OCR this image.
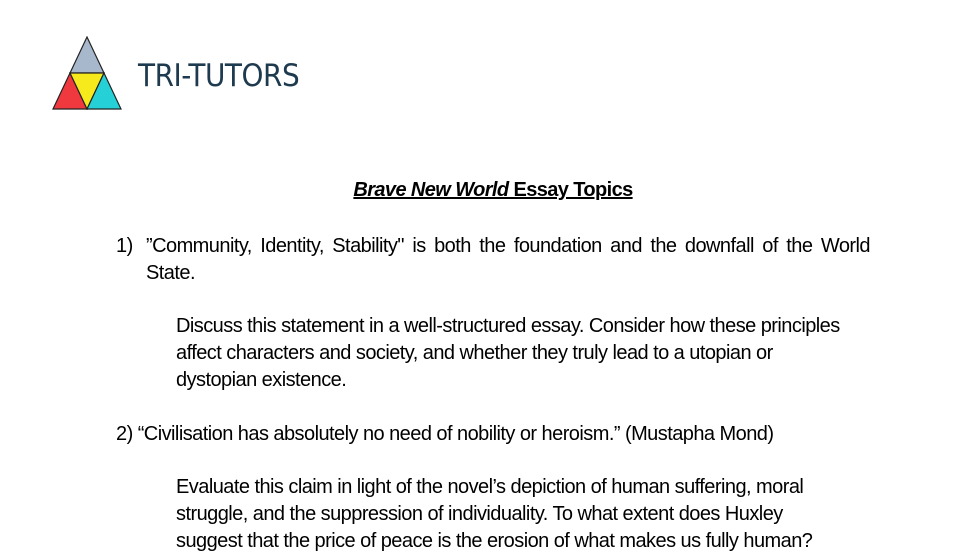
TRI-TUTORS
Brave New World Essay Topics
1) ”Community, Identity, Stability" is both the foundation and the downfall of the World
State.
Discuss this statement in a well-structured essay. Consider how these principles
affect characters and society, and whether they truly lead to a utopian or
dystopian existence.
2) “Civilisation has absolutely no need of nobility or heroism.” (Mustapha Mond)
Evaluate this claim in light of the novel’s depiction of human suffering, moral
struggle, and the suppression of individuality. To what extent does Huxley
suggest that the price of peace is the erosion of what makes us fully human?
